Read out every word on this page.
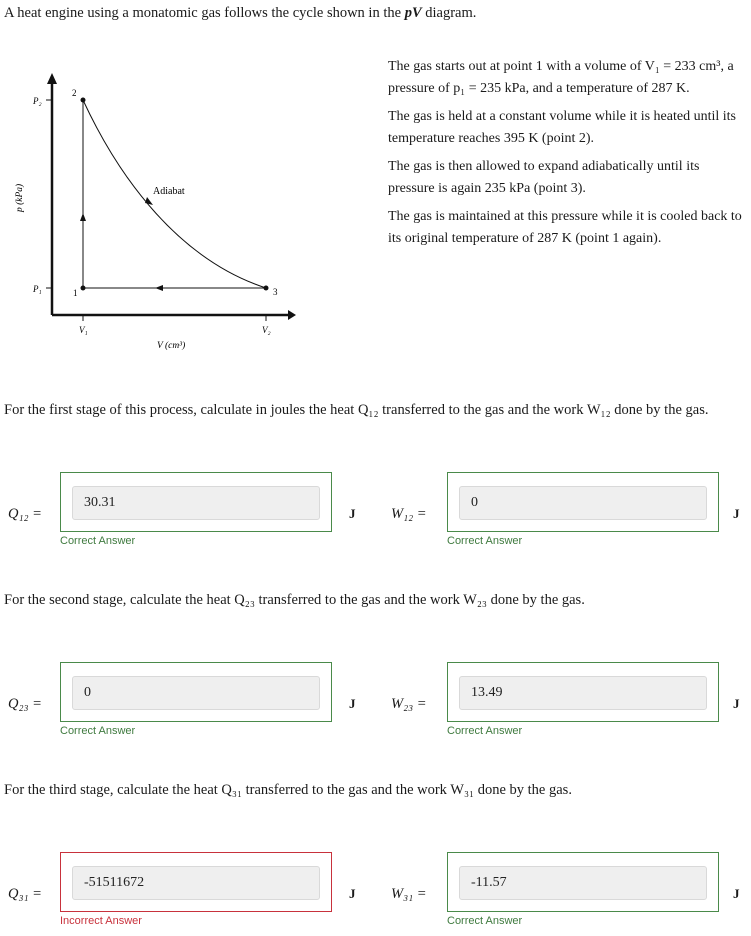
A heat engine using a monatomic gas follows the cycle shown in the pV diagram.
P₂
P₁
V₁	V₂
p (kPa)
V (cm³)
2
1	3
Adiabat

The gas starts out at point 1 with a volume of V₁ = 233 cm³, a pressure of p₁ = 235 kPa, and a temperature of 287 K.

The gas is held at a constant volume while it is heated until its temperature reaches 395 K (point 2).

The gas is then allowed to expand adiabatically until its pressure is again 235 kPa (point 3).

The gas is maintained at this pressure while it is cooled back to its original temperature of 287 K (point 1 again).

For the first stage of this process, calculate in joules the heat Q₁₂ transferred to the gas and the work W₁₂ done by the gas.
Q₁₂ =
30.31
Correct Answer
J W₁₂ =
0
Correct Answer
J
For the second stage, calculate the heat Q₂₃ transferred to the gas and the work W₂₃ done by the gas.
Q₂₃ =
0
Correct Answer
J W₂₃ =
13.49
Correct Answer
J
For the third stage, calculate the heat Q₃₁ transferred to the gas and the work W₃₁ done by the gas.
Q₃₁ =
-51511672
Incorrect Answer
J W₃₁ =
-11.57
Correct Answer
J
